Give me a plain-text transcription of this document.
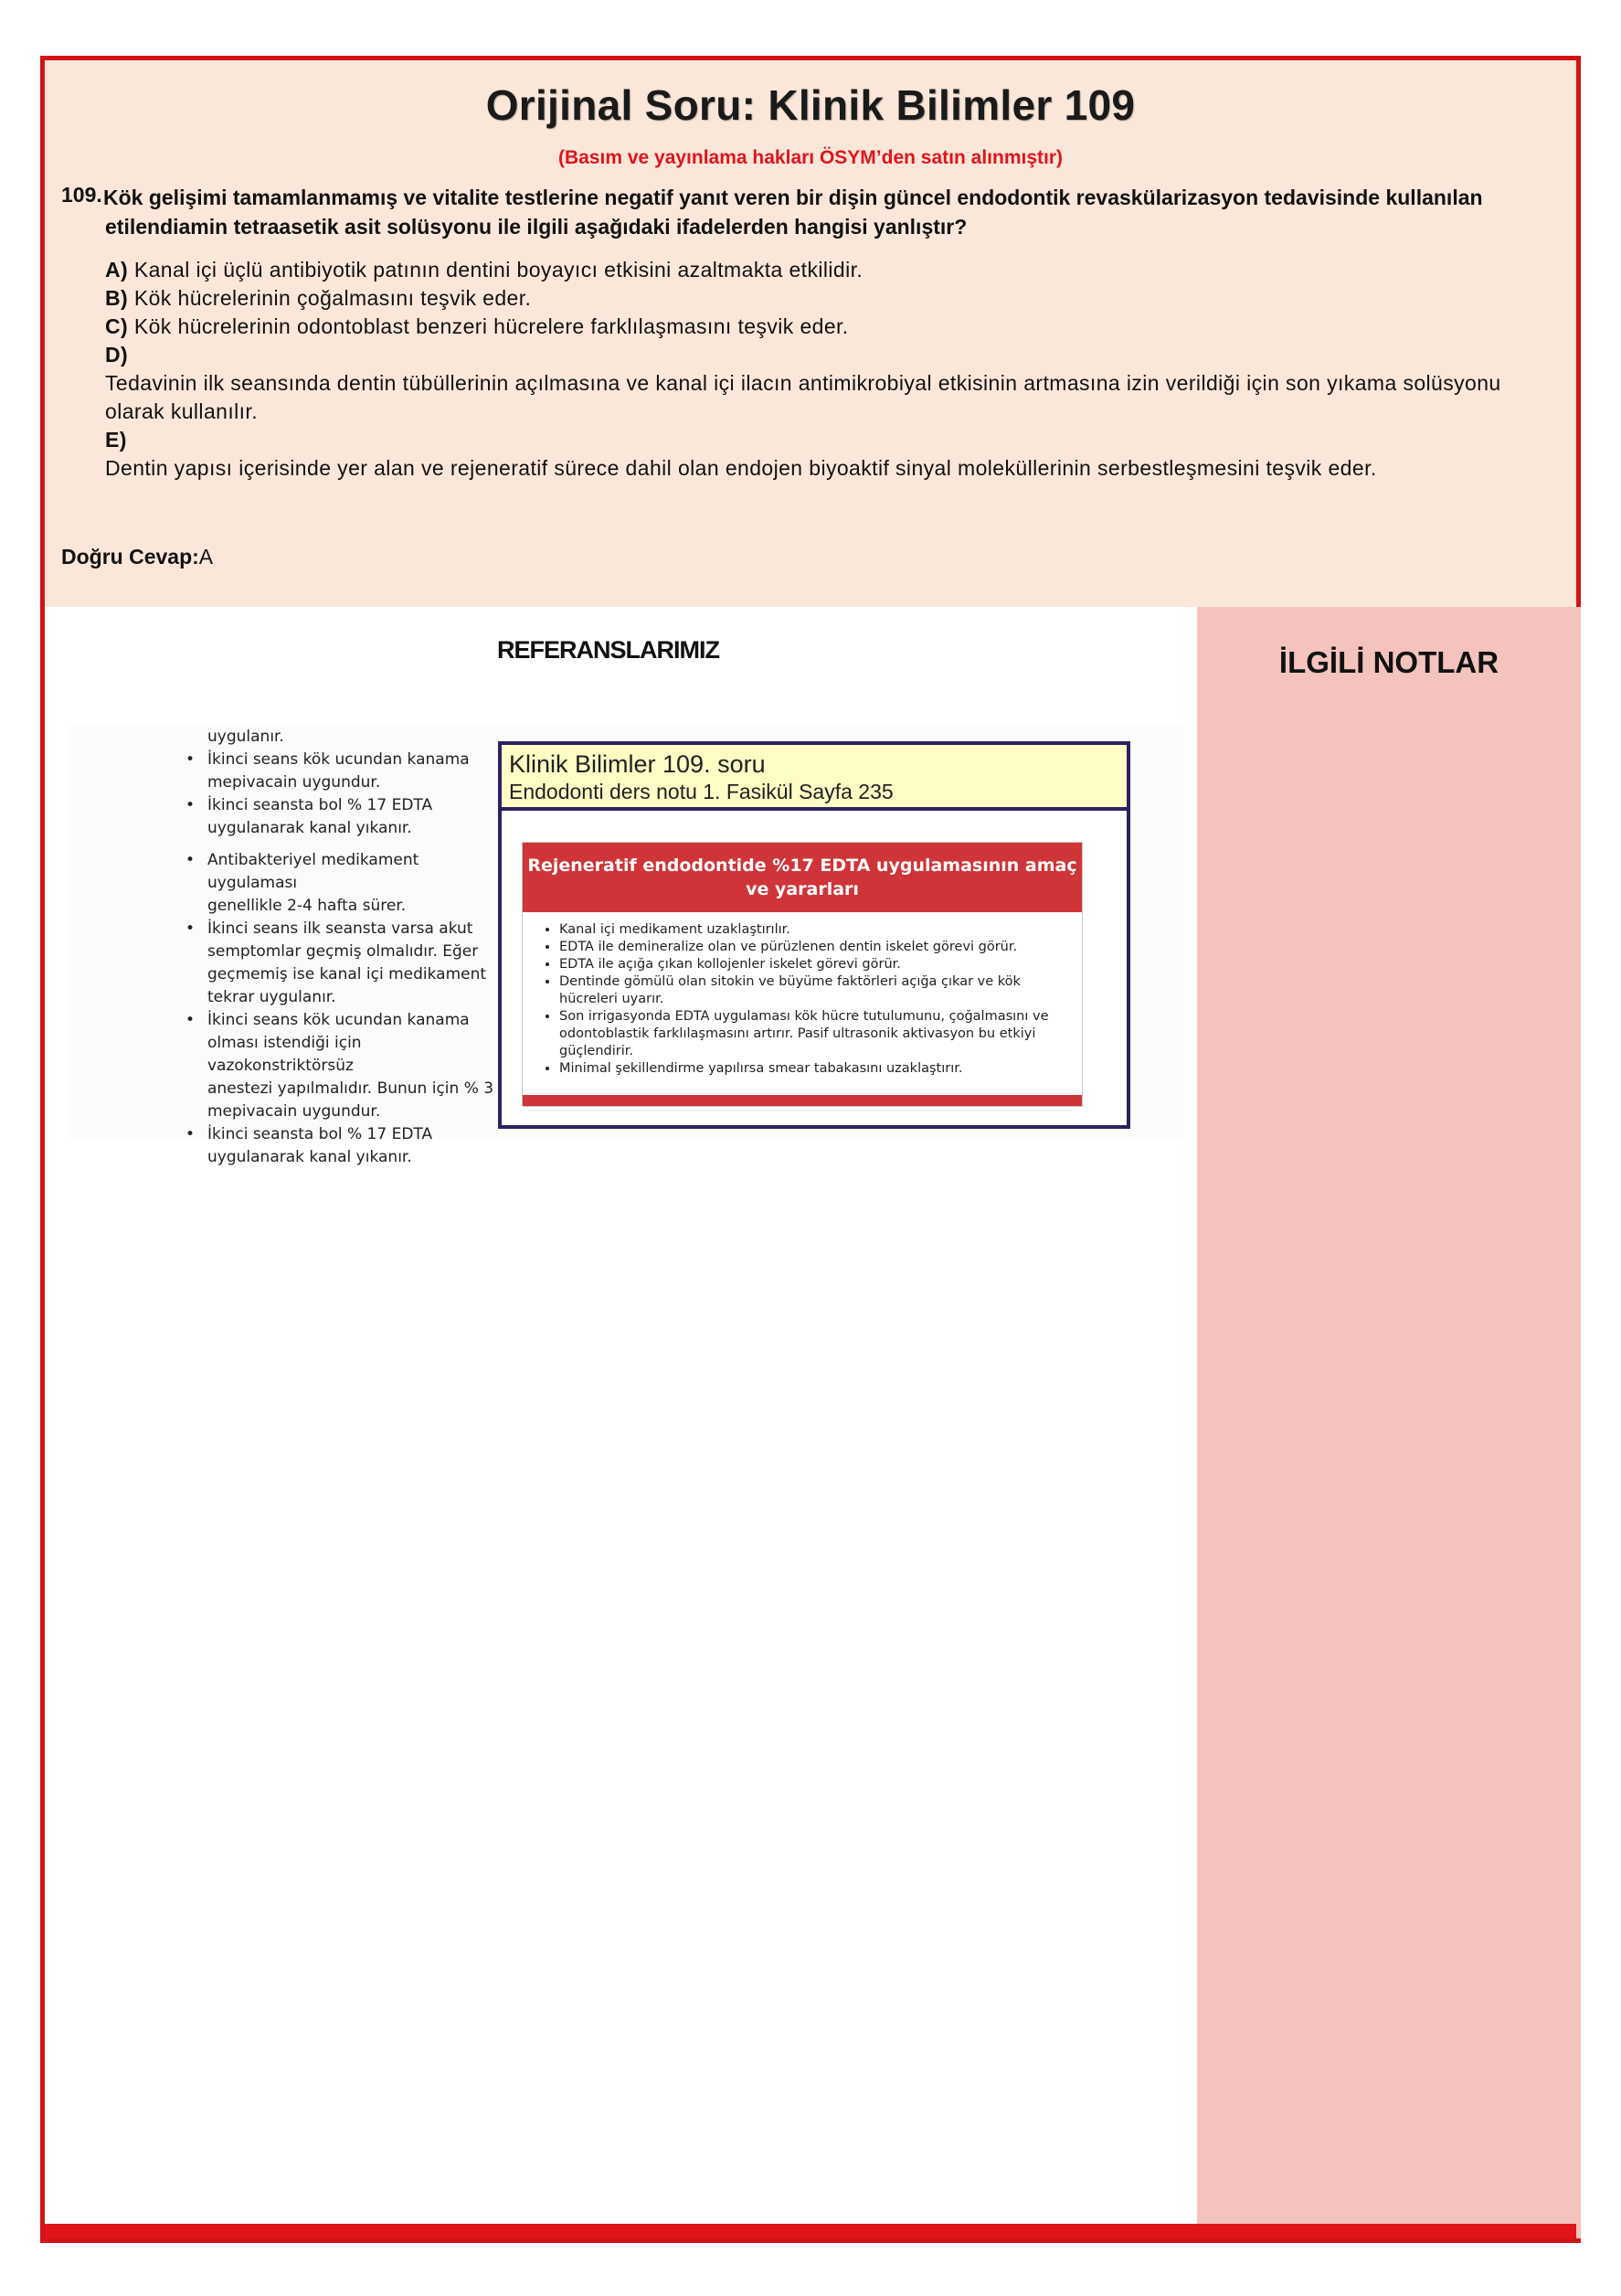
Orijinal Soru: Klinik Bilimler 109
(Basım ve yayınlama hakları ÖSYM’den satın alınmıştır)
109. Kök gelişimi tamamlanmamış ve vitalite testlerine negatif yanıt veren bir dişin güncel endodontik revaskülarizasyon tedavisinde kullanılan etilendiamin tetraasetik asit solüsyonu ile ilgili aşağıdaki ifadelerden hangisi yanlıştır?
A) Kanal içi üçlü antibiyotik patının dentini boyayıcı etkisini azaltmakta etkilidir.
B) Kök hücrelerinin çoğalmasını teşvik eder.
C) Kök hücrelerinin odontoblast benzeri hücrelere farklılaşmasını teşvik eder.
D)
Tedavinin ilk seansında dentin tübüllerinin açılmasına ve kanal içi ilacın antimikrobiyal etkisinin artmasına izin verildiği için son yıkama solüsyonu olarak kullanılır.
E)
Dentin yapısı içerisinde yer alan ve rejeneratif sürece dahil olan endojen biyoaktif sinyal moleküllerinin serbestleşmesini teşvik eder.
Doğru Cevap:A
REFERANSLARIMIZ
uygulanır.
• İkinci seans kök ucundan kanama
mepivacain uygundur.
• İkinci seansta bol % 17 EDTA uygulanarak kanal yıkanır.
• Antibakteriyel medikament uygulaması
genellikle 2-4 hafta sürer.
• İkinci seans ilk seansta varsa akut
semptomlar geçmiş olmalıdır. Eğer
geçmemiş ise kanal içi medikament
tekrar uygulanır.
• İkinci seans kök ucundan kanama
olması istendiği için vazokonstriktörsüz
anestezi yapılmalıdır. Bunun için % 3
mepivacain uygundur.
• İkinci seansta bol % 17 EDTA
uygulanarak kanal yıkanır.
Klinik Bilimler 109. soru
Endodonti ders notu 1. Fasikül Sayfa 235
Rejeneratif endodontide %17 EDTA uygulamasının amaç ve yararları
• Kanal içi medikament uzaklaştırılır.
• EDTA ile demineralize olan ve pürüzlenen dentin iskelet görevi görür.
• EDTA ile açığa çıkan kollojenler iskelet görevi görür.
• Dentinde gömülü olan sitokin ve büyüme faktörleri açığa çıkar ve kök hücreleri uyarır.
• Son irrigasyonda EDTA uygulaması kök hücre tutulumunu, çoğalmasını ve odontoblastik farklılaşmasını artırır. Pasif ultrasonik aktivasyon bu etkiyi güçlendirir.
• Minimal şekillendirme yapılırsa smear tabakasını uzaklaştırır.
İLGİLİ NOTLAR
